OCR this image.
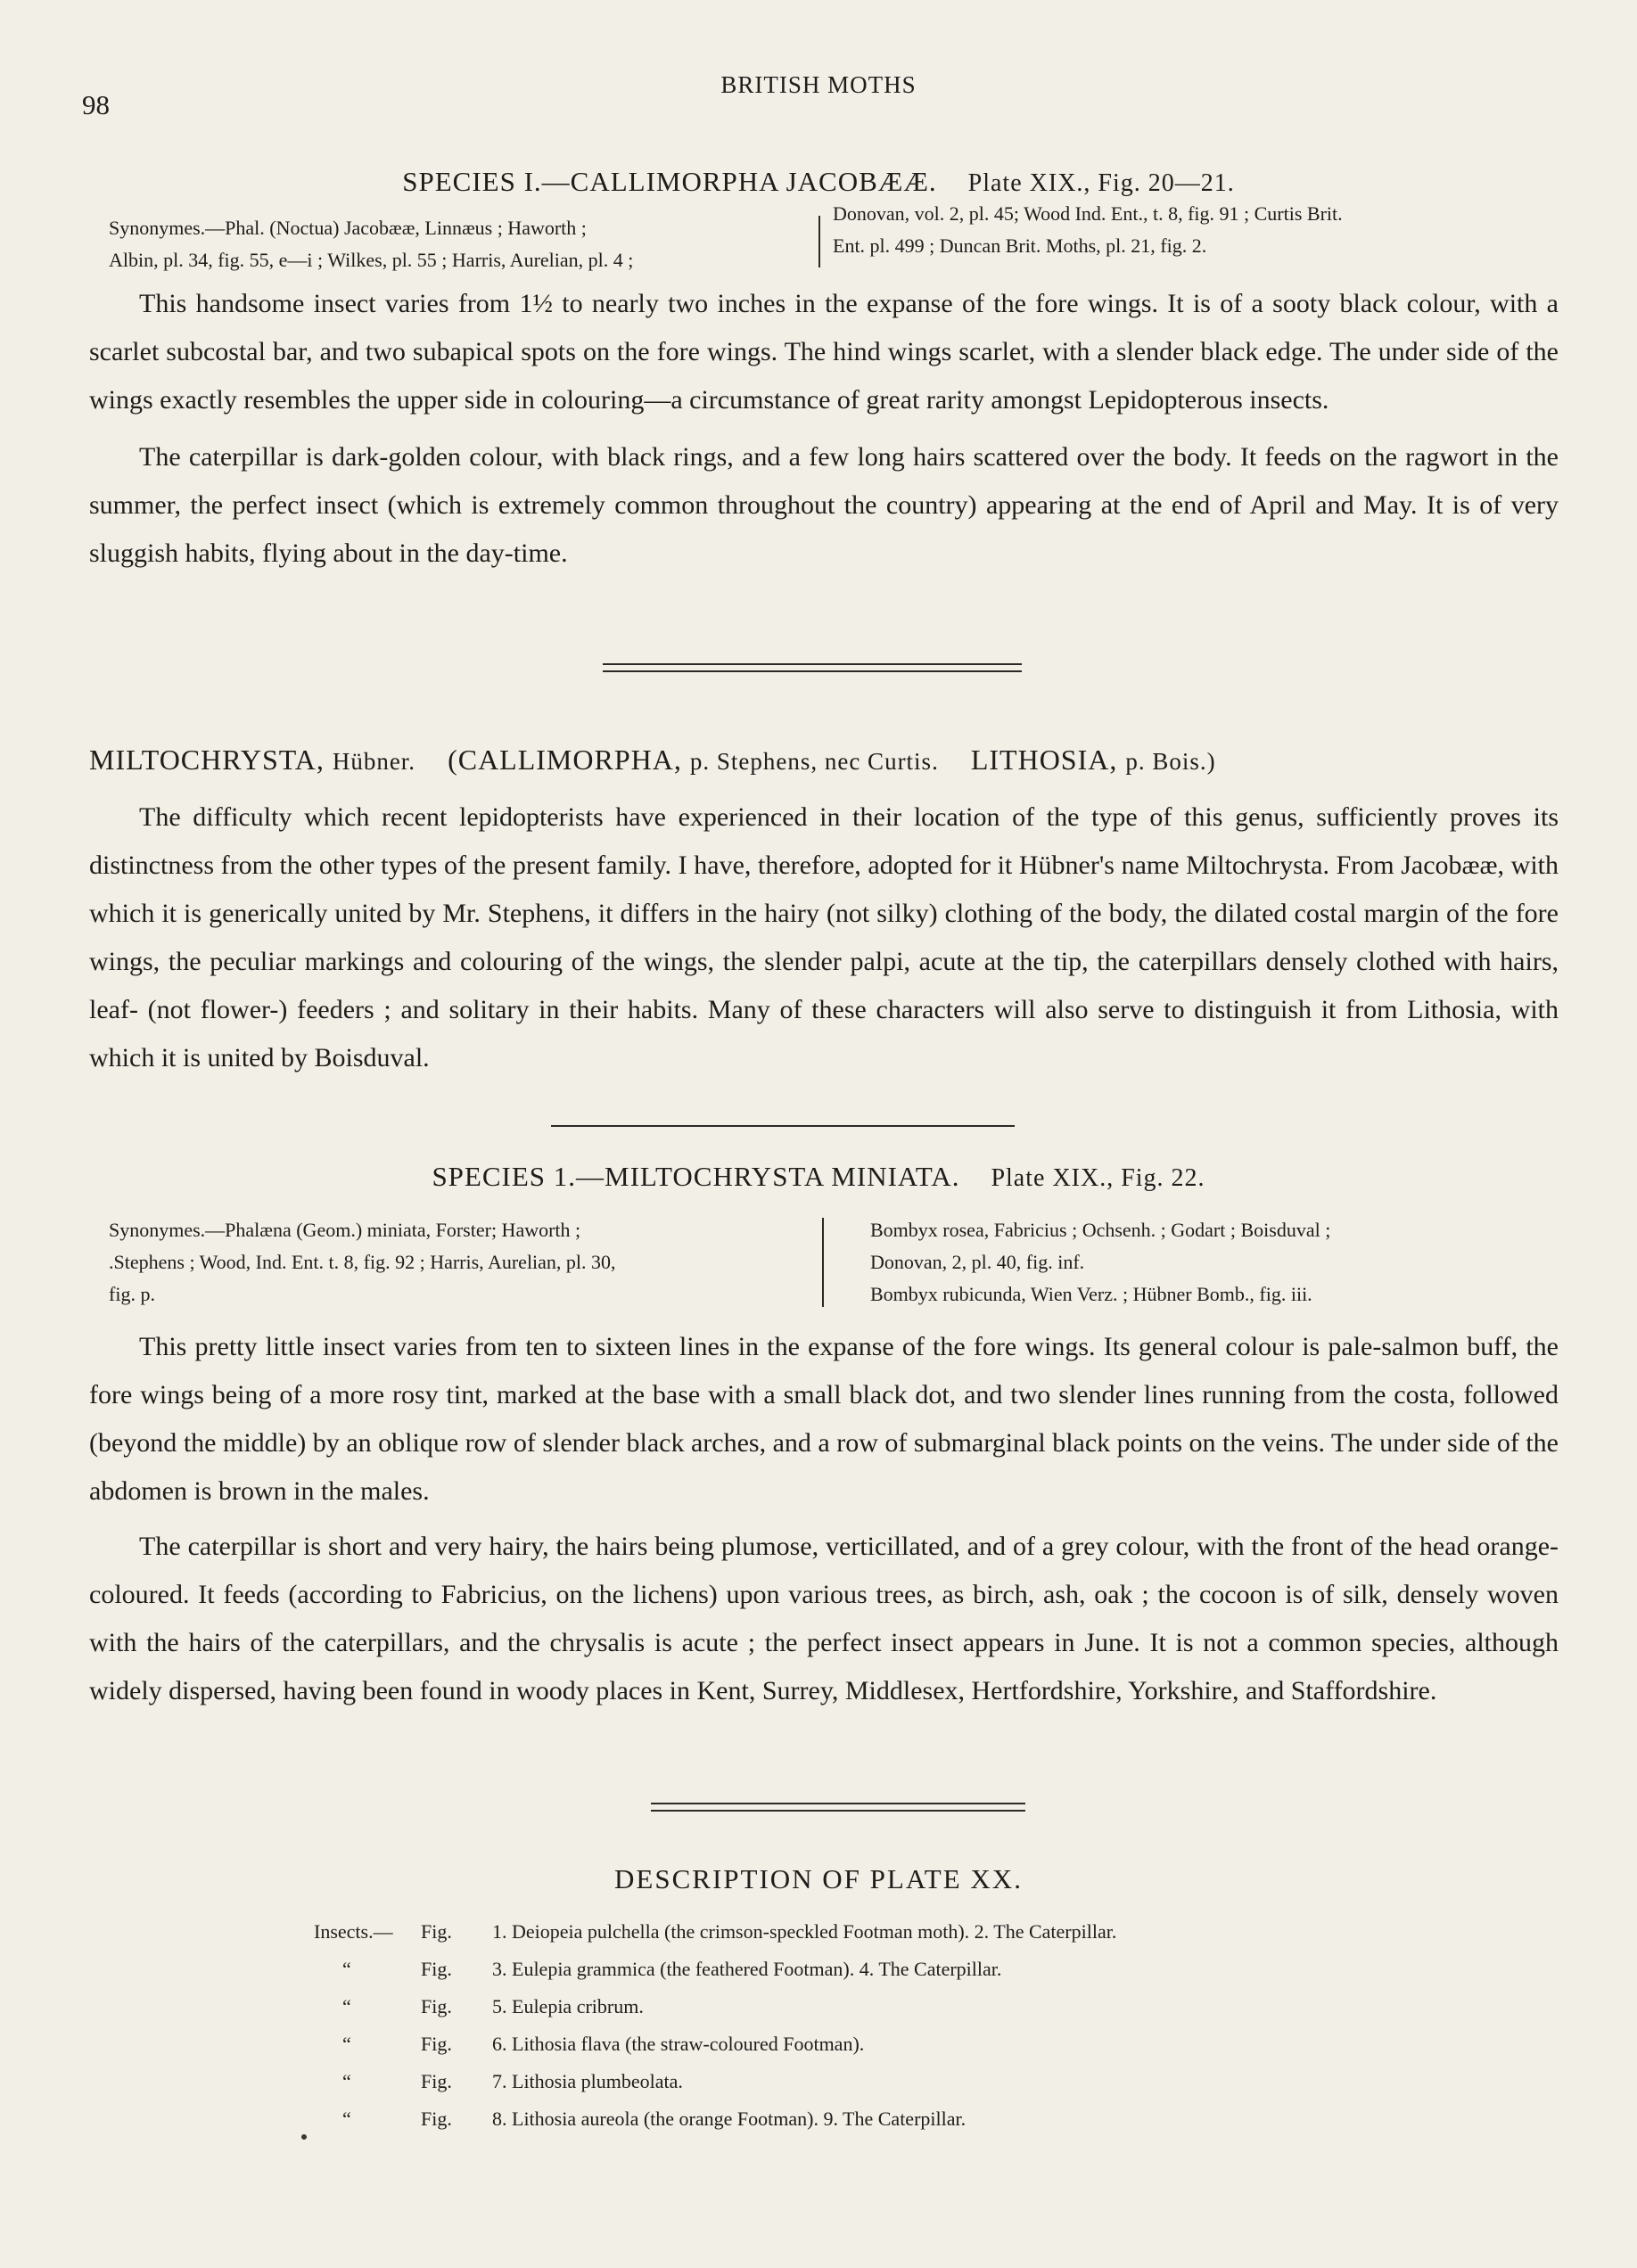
98
BRITISH MOTHS
SPECIES I.—CALLIMORPHA JACOBÆÆ. Plate XIX., Fig. 20—21.
Synonymes.—Phal. (Noctua) Jacobææ, Linnæus ; Haworth ;
Albin, pl. 34, fig. 55, e—i ; Wilkes, pl. 55 ; Harris, Aurelian, pl. 4 ;
Donovan, vol. 2, pl. 45; Wood Ind. Ent., t. 8, fig. 91 ; Curtis Brit.
Ent. pl. 499 ; Duncan Brit. Moths, pl. 21, fig. 2.

This handsome insect varies from 1½ to nearly two inches in the expanse of the fore wings. It is of a sooty black colour, with a scarlet subcostal bar, and two subapical spots on the fore wings. The hind wings scarlet, with a slender black edge. The under side of the wings exactly resembles the upper side in colouring—a circumstance of great rarity amongst Lepidopterous insects.

The caterpillar is dark-golden colour, with black rings, and a few long hairs scattered over the body. It feeds on the ragwort in the summer, the perfect insect (which is extremely common throughout the country) appearing at the end of April and May. It is of very sluggish habits, flying about in the day-time.

MILTOCHRYSTA, Hübner. (CALLIMORPHA, p. Stephens, nec Curtis. LITHOSIA, p. Bois.)

The difficulty which recent lepidopterists have experienced in their location of the type of this genus, sufficiently proves its distinctness from the other types of the present family. I have, therefore, adopted for it Hübner's name Miltochrysta. From Jacobææ, with which it is generically united by Mr. Stephens, it differs in the hairy (not silky) clothing of the body, the dilated costal margin of the fore wings, the peculiar markings and colouring of the wings, the slender palpi, acute at the tip, the caterpillars densely clothed with hairs, leaf- (not flower-) feeders ; and solitary in their habits. Many of these characters will also serve to distinguish it from Lithosia, with which it is united by Boisduval.

SPECIES 1.—MILTOCHRYSTA MINIATA. Plate XIX., Fig. 22.
Synonymes.—Phalæna (Geom.) miniata, Forster; Haworth ;
.Stephens ; Wood, Ind. Ent. t. 8, fig. 92 ; Harris, Aurelian, pl. 30,
fig. p.
Bombyx rosea, Fabricius ; Ochsenh. ; Godart ; Boisduval ;
Donovan, 2, pl. 40, fig. inf.
Bombyx rubicunda, Wien Verz. ; Hübner Bomb., fig. iii.

This pretty little insect varies from ten to sixteen lines in the expanse of the fore wings. Its general colour is pale-salmon buff, the fore wings being of a more rosy tint, marked at the base with a small black dot, and two slender lines running from the costa, followed (beyond the middle) by an oblique row of slender black arches, and a row of submarginal black points on the veins. The under side of the abdomen is brown in the males.

The caterpillar is short and very hairy, the hairs being plumose, verticillated, and of a grey colour, with the front of the head orange-coloured. It feeds (according to Fabricius, on the lichens) upon various trees, as birch, ash, oak ; the cocoon is of silk, densely woven with the hairs of the caterpillars, and the chrysalis is acute ; the perfect insect appears in June. It is not a common species, although widely dispersed, having been found in woody places in Kent, Surrey, Middlesex, Hertfordshire, Yorkshire, and Staffordshire.

DESCRIPTION OF PLATE XX.
Insects.— Fig. 1. Deiopeia pulchella (the crimson-speckled Footman moth). 2. The Caterpillar.
“	Fig. 3. Eulepia grammica (the feathered Footman). 4. The Caterpillar.
“	Fig. 5. Eulepia cribrum.
“	Fig. 6. Lithosia flava (the straw-coloured Footman).
“	Fig. 7. Lithosia plumbeolata.
“	Fig. 8. Lithosia aureola (the orange Footman). 9. The Caterpillar.
